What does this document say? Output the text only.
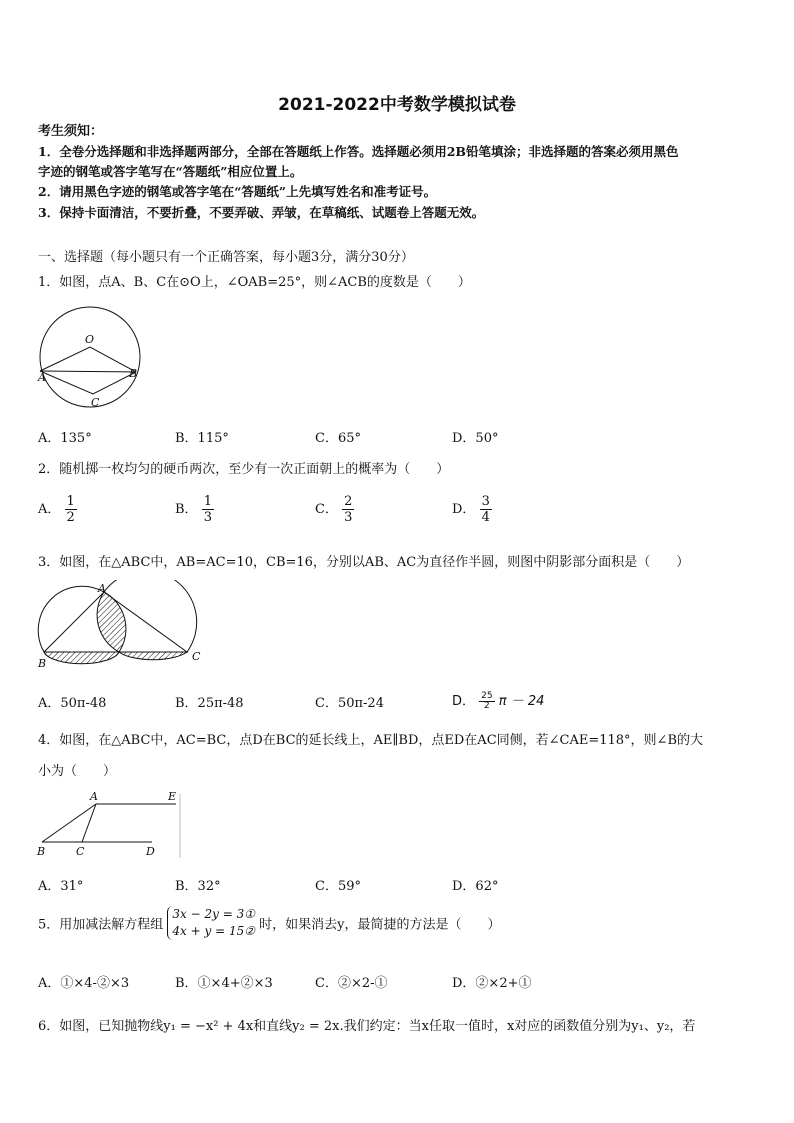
2021-2022中考数学模拟试卷
考生须知：
1．全卷分选择题和非选择题两部分，全部在答题纸上作答。选择题必须用2B铅笔填涂；非选择题的答案必须用黑色
字迹的钢笔或答字笔写在“答题纸”相应位置上。
2．请用黑色字迹的钢笔或答字笔在“答题纸”上先填写姓名和准考证号。
3．保持卡面清洁，不要折叠，不要弄破、弄皱，在草稿纸、试题卷上答题无效。
一、选择题（每小题只有一个正确答案，每小题3分，满分30分）
1．如图，点A、B、C在⊙O上，∠OAB=25°，则∠ACB的度数是（　　）
O
A	B
C
A．135°	B．115°	C．65°	D．50°
2．随机掷一枚均匀的硬币两次，至少有一次正面朝上的概率为（　　）
A． $\frac{1}{2}$	B． $\frac{1}{3}$	C． $\frac{2}{3}$	D． $\frac{3}{4}$
3．如图，在△ABC中，AB=AC=10，CB=16，分别以AB、AC为直径作半圆，则图中阴影部分面积是（　　）
A
B
C
A．50π-48	B．25π-48	C．50π-24	D． $\frac{25}{2}$ π － 24
4．如图，在△ABC中，AC=BC，点D在BC的延长线上，AE∥BD，点ED在AC同侧，若∠CAE=118°，则∠B的大
小为（　　）
A	E
B	C	D
A．31°	B．32°	C．59°	D．62°
5．用加减法解方程组
3x − 2y = 3①
4x + y = 15② 时，如果消去y，最简捷的方法是（　　）
A．①×4-②×3	B．①×4+②×3	C．②×2-①	D．②×2+①
6．如图，已知抛物线y₁ = −x² + 4x和直线y₂ = 2x.我们约定：当x任取一值时，x对应的函数值分别为y₁、y₂，若
